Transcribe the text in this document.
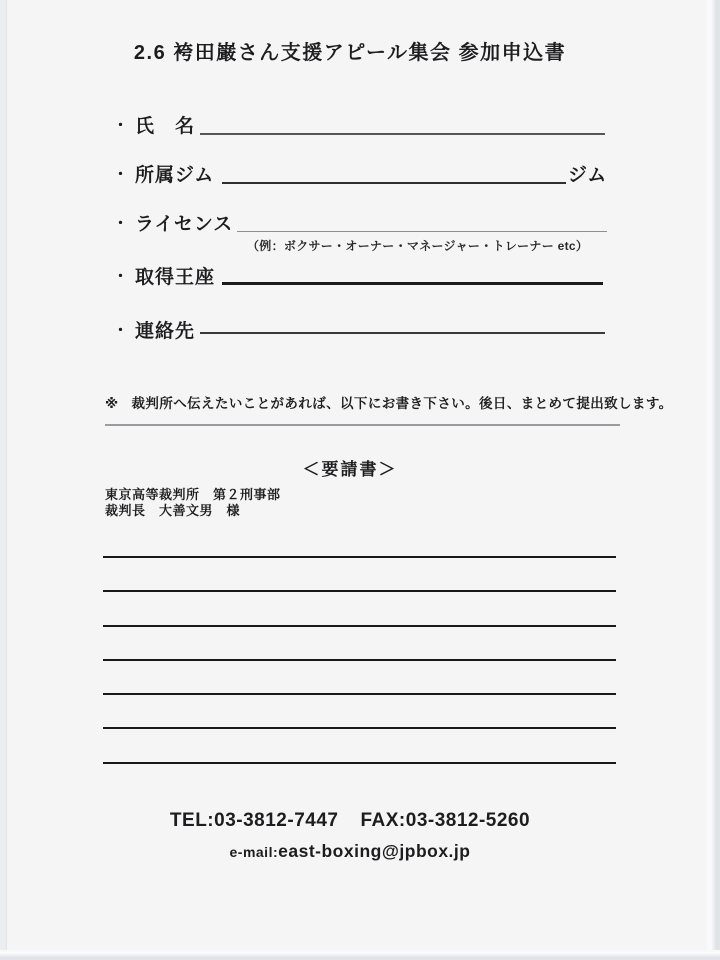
2.6 袴田巌さん支援アピール集会 参加申込書
・ 氏　名
・ 所属ジム	ジム
・ ライセンス
（例：ボクサー・オーナー・マネージャー・トレーナー etc）
・ 取得王座
・ 連絡先
※ 裁判所へ伝えたいことがあれば、以下にお書き下さい。後日、まとめて提出致します。
＜要請書＞
東京高等裁判所　第２刑事部
裁判長　大善文男　様
TEL:03-3812-7447 FAX:03-3812-5260
e-mail:east-boxing@jpbox.jp
